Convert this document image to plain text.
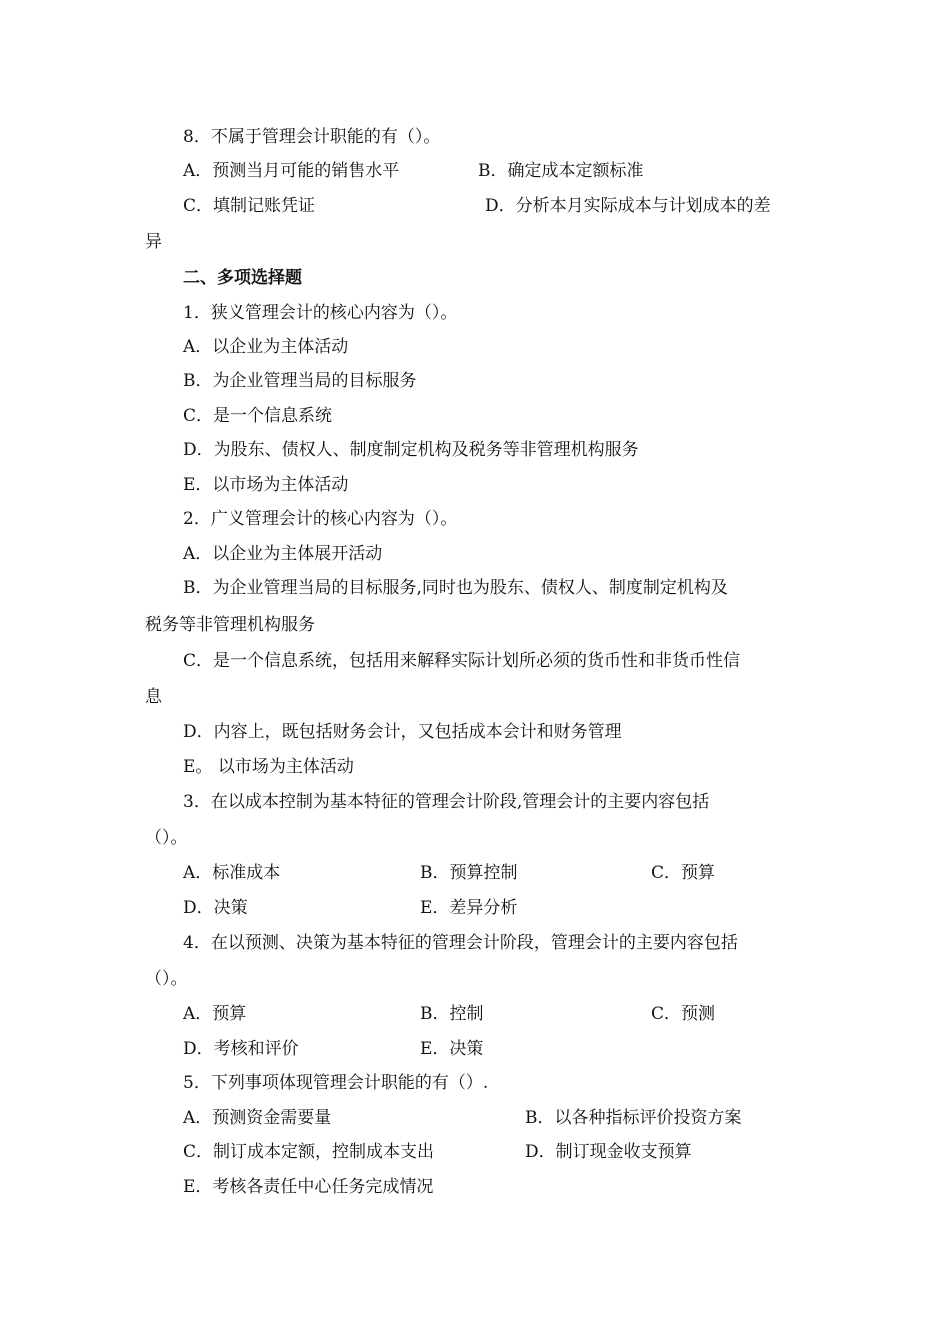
8．不属于管理会计职能的有（）。
A．预测当月可能的销售水平	B．确定成本定额标准
C．填制记账凭证	D．分析本月实际成本与计划成本的差
异
二、多项选择题
1．狭义管理会计的核心内容为（）。
A．以企业为主体活动
B．为企业管理当局的目标服务
C．是一个信息系统
D．为股东、债权人、制度制定机构及税务等非管理机构服务
E．以市场为主体活动
2．广义管理会计的核心内容为（）。
A．以企业为主体展开活动
B．为企业管理当局的目标服务,同时也为股东、债权人、制度制定机构及
税务等非管理机构服务
C．是一个信息系统，包括用来解释实际计划所必须的货币性和非货币性信
息
D．内容上，既包括财务会计，又包括成本会计和财务管理
E。 以市场为主体活动
3．在以成本控制为基本特征的管理会计阶段,管理会计的主要内容包括
（）。
A．标准成本	B．预算控制	C．预算
D．决策	E．差异分析
4．在以预测、决策为基本特征的管理会计阶段，管理会计的主要内容包括
（）。
A．预算	B．控制	C．预测
D．考核和评价	E．决策
5．下列事项体现管理会计职能的有（）.
A．预测资金需要量	B．以各种指标评价投资方案
C．制订成本定额，控制成本支出	D．制订现金收支预算
E．考核各责任中心任务完成情况
